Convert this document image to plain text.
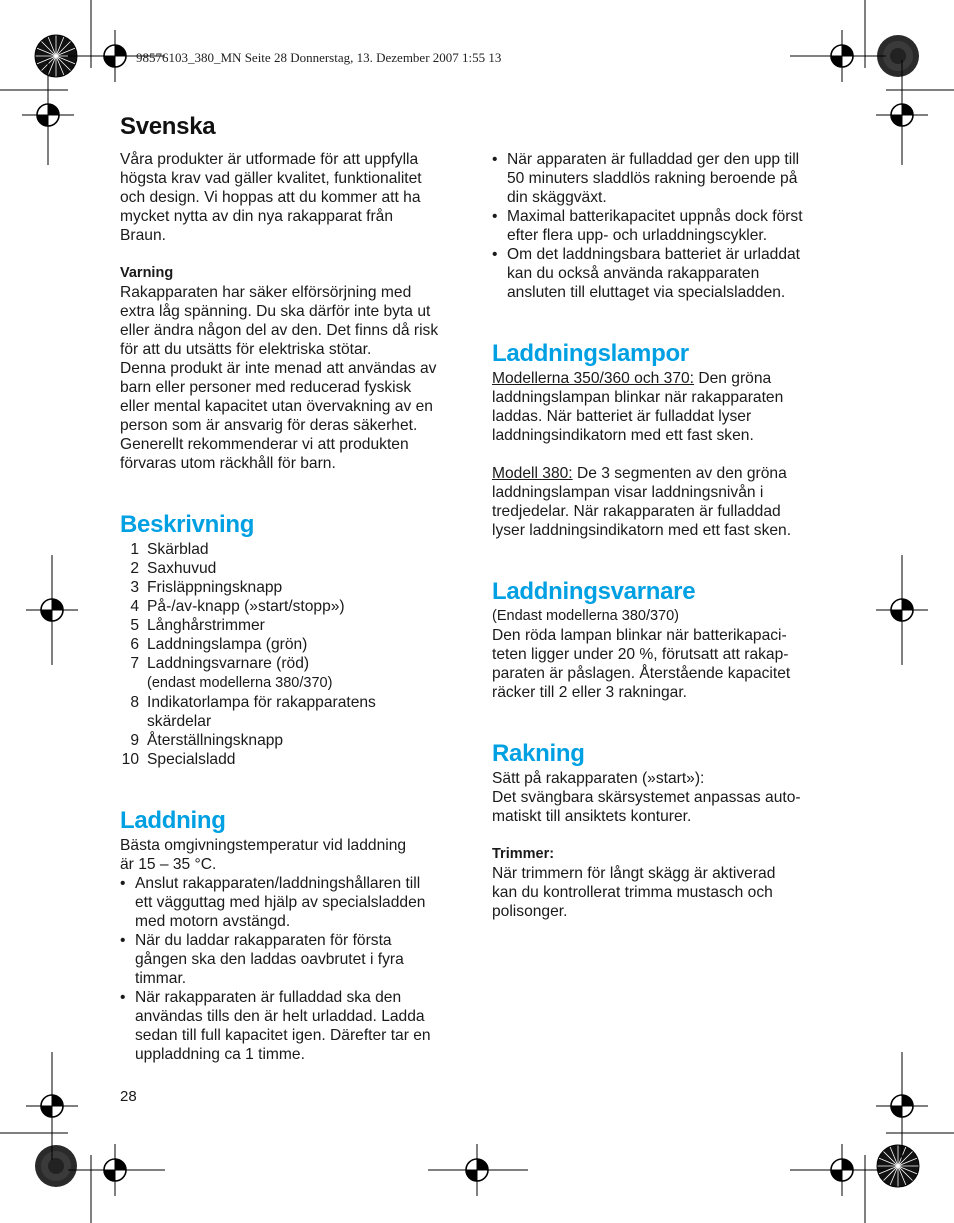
98576103_380_MN Seite 28 Donnerstag, 13. Dezember 2007 1:55 13
Svenska

Våra produkter är utformade för att uppfylla
högsta krav vad gäller kvalitet, funktionalitet
och design. Vi hoppas att du kommer att ha
mycket nytta av din nya rakapparat från
Braun.

Varning

Rakapparaten har säker elförsörjning med
extra låg spänning. Du ska därför inte byta ut
eller ändra någon del av den. Det finns då risk
för att du utsätts för elektriska stötar.
Denna produkt är inte menad att användas av
barn eller personer med reducerad fyskisk
eller mental kapacitet utan övervakning av en
person som är ansvarig för deras säkerhet.
Generellt rekommenderar vi att produkten
förvaras utom räckhåll för barn.

Beskrivning
1 Skärblad
2 Saxhuvud
3 Frisläppningsknapp
4 På-/av-knapp (»start/stopp»)
5 Långhårstrimmer
6 Laddningslampa (grön)
7 Laddningsvarnare (röd)
(endast modellerna 380/370)
8 Indikatorlampa för rakapparatens
skärdelar
9 Återställningsknapp
10 Specialsladd
Laddning

Bästa omgivningstemperatur vid laddning
är 15 – 35 °C.

• Anslut rakapparaten/laddningshållaren till
ett vägguttag med hjälp av specialsladden
med motorn avstängd.
• När du laddar rakapparaten för första
gången ska den laddas oavbrutet i fyra
timmar.
• När rakapparaten är fulladdad ska den
användas tills den är helt urladdad. Ladda
sedan till full kapacitet igen. Därefter tar en
uppladdning ca 1 timme.
28
• När apparaten är fulladdad ger den upp till
50 minuters sladdlös rakning beroende på
din skäggväxt.
• Maximal batterikapacitet uppnås dock först
efter flera upp- och urladdningscykler.
• Om det laddningsbara batteriet är urladdat
kan du också använda rakapparaten
ansluten till eluttaget via specialsladden.
Laddningslampor

Modellerna 350/360 och 370: Den gröna
laddningslampan blinkar när rakapparaten
laddas. När batteriet är fulladdat lyser
laddningsindikatorn med ett fast sken.

Modell 380: De 3 segmenten av den gröna
laddningslampan visar laddningsnivån i
tredjedelar. När rakapparaten är fulladdad
lyser laddningsindikatorn med ett fast sken.

Laddningsvarnare

(Endast modellerna 380/370)

Den röda lampan blinkar när batterikapaci-
teten ligger under 20 %, förutsatt att rakap-
paraten är påslagen. Återstående kapacitet
räcker till 2 eller 3 rakningar.

Rakning

Sätt på rakapparaten (»start»):
Det svängbara skärsystemet anpassas auto-
matiskt till ansiktets konturer.

Trimmer:

När trimmern för långt skägg är aktiverad
kan du kontrollerat trimma mustasch och
polisonger.
